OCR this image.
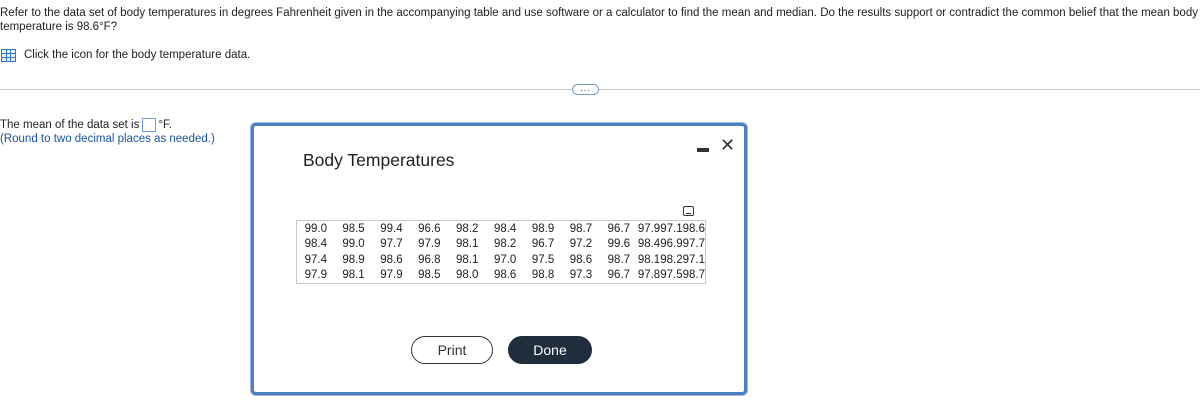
Refer to the data set of body temperatures in degrees Fahrenheit given in the accompanying table and use software or a calculator to find the mean and median. Do the results support or contradict the common belief that the mean body temperature is 98.6°F?
Click the icon for the body temperature data.
...
The mean of the data set is °F.
(Round to two decimal places as needed.)
Body Temperatures
✕
99.0	98.5	99.4	96.6	98.2	98.4	98.9	98.7	96.7	97.9	97.1	98.6
98.4	99.0	97.7	97.9	98.1	98.2	96.7	97.2	99.6	98.4	96.9	97.7
97.4	98.9	98.6	96.8	98.1	97.0	97.5	98.6	98.7	98.1	98.2	97.1
97.9	98.1	97.9	98.5	98.0	98.6	98.8	97.3	96.7	97.8	97.5	98.7
Print	Done
